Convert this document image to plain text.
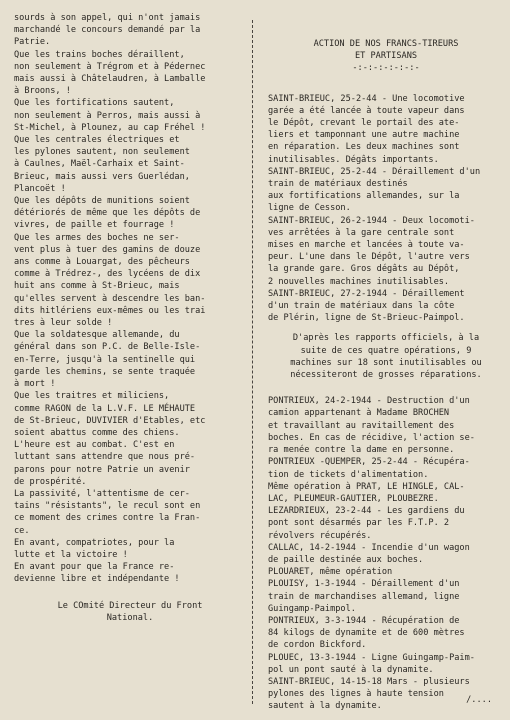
sourds à son appel, qui n'ont jamais
marchandé le concours demandé par la
Patrie.

Que les trains boches déraillent,
non seulement à Trégrom et à Pédernec
mais aussi à Châtelaudren, à Lamballe
à Broons, !

Que les fortifications sautent,
non seulement à Perros, mais aussi à
St-Michel, à Plounez, au cap Fréhel !

Que les centrales électriques et
les pylones sautent, non seulement
à Caulnes, Maël-Carhaix et Saint-
Brieuc, mais aussi vers Guerlédan,
Plancoët !

Que les dépôts de munitions soient
détériorés de même que les dépôts de
vivres, de paille et fourrage !

Que les armes des boches ne ser-
vent plus à tuer des gamins de douze
ans comme à Louargat, des pêcheurs
comme à Trédrez-, des lycéens de dix
huit ans comme à St-Brieuc, mais
qu'elles servent à descendre les ban-
dits hitlériens eux-mêmes ou les trai
tres à leur solde !

Que la soldatesque allemande, du
général dans son P.C. de Belle-Isle-
en-Terre, jusqu'à la sentinelle qui
garde les chemins, se sente traquée
à mort !

Que les traitres et miliciens,
comme RAGON de la L.V.F. LE MÉHAUTE
de St-Brieuc, DUVIVIER d'Etables, etc
soient abattus comme des chiens.

L'heure est au combat. C'est en
luttant sans attendre que nous pré-
parons pour notre Patrie un avenir
de prospérité.

La passivité, l'attentisme de cer-
tains "résistants", le recul sont en
ce moment des crimes contre la Fran-
ce.

En avant, compatriotes, pour la
lutte et la victoire !

En avant pour que la France re-
devienne libre et indépendante !

Le COmité Directeur du Front
National.

ACTION DE NOS FRANCS-TIREURS

ET PARTISANS

-:-:-:-:-:-:-

SAINT-BRIEUC, 25-2-44 - Une locomotive
garée a été lancée à toute vapeur dans
le Dépôt, crevant le portail des ate-
liers et tamponnant une autre machine
en réparation. Les deux machines sont
inutilisables. Dégâts importants.

SAINT-BRIEUC, 25-2-44 - Déraillement d'un
train de matériaux destinés
aux fortifications allemandes, sur la
ligne de Cesson.

SAINT-BRIEUC, 26-2-1944 - Deux locomoti-
ves arrêtées à la gare centrale sont
mises en marche et lancées à toute va-
peur. L'une dans le Dépôt, l'autre vers
la grande gare. Gros dégâts au Dépôt,
2 nouvelles machines inutilisables.

SAINT-BRIEUC, 27-2-1944 - Déraillement
d'un train de matériaux dans la côte
de Plérin, ligne de St-Brieuc-Paimpol.

D'après les rapports officiels, à la
suite de ces quatre opérations, 9
machines sur 18 sont inutilisables ou
nécessiteront de grosses réparations.

PONTRIEUX, 24-2-1944 - Destruction d'un
camion appartenant à Madame BROCHEN
et travaillant au ravitaillement des
boches. En cas de récidive, l'action se-
ra menée contre la dame en personne.

PONTRIEUX -QUEMPER, 25-2-44 - Récupéra-
tion de tickets d'alimentation.
Même opération à PRAT, LE HINGLE, CAL-
LAC, PLEUMEUR-GAUTIER, PLOUBEZRE.

LEZARDRIEUX, 23-2-44 - Les gardiens du
pont sont désarmés par les F.T.P. 2
révolvers récupérés.

CALLAC, 14-2-1944 - Incendie d'un wagon
de paille destinée aux boches.

PLOUARET, même opération

PLOUISY, 1-3-1944 - Déraillement d'un
train de marchandises allemand, ligne
Guingamp-Paimpol.

PONTRIEUX, 3-3-1944 - Récupération de
84 kilogs de dynamite et de 600 mètres
de cordon Bickford.

PLOUEC, 13-3-1944 - Ligne Guingamp-Paim-
pol un pont sauté à la dynamite.

SAINT-BRIEUC, 14-15-18 Mars - plusieurs
pylones des lignes à haute tension
sautent à la dynamite.

/....
